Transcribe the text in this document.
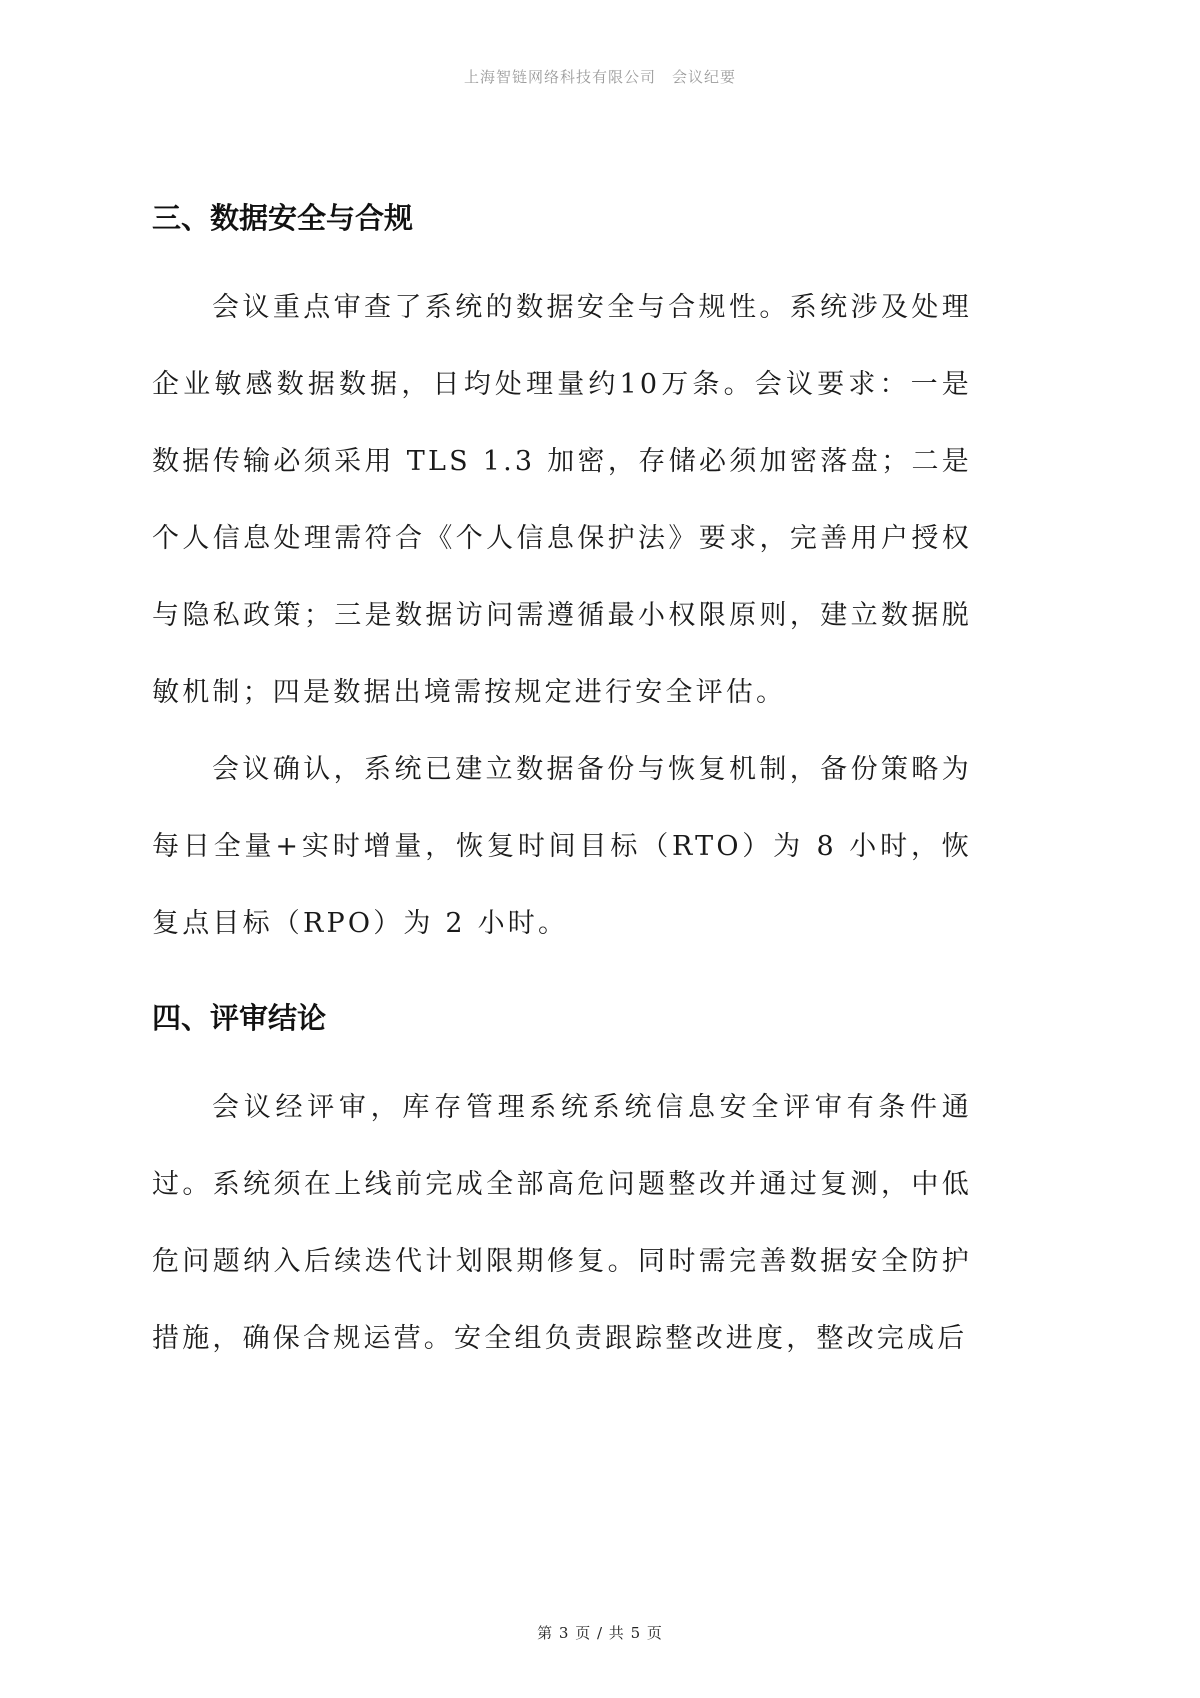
上海智链网络科技有限公司 会议纪要
三、数据安全与合规

会议重点审查了系统的数据安全与合规性。系统涉及处理企业敏感数据数据，日均处理量约10万条。会议要求：一是数据传输必须采用 TLS 1.3 加密，存储必须加密落盘；二是个人信息处理需符合《个人信息保护法》要求，完善用户授权与隐私政策；三是数据访问需遵循最小权限原则，建立数据脱敏机制；四是数据出境需按规定进行安全评估。

会议确认，系统已建立数据备份与恢复机制，备份策略为每日全量+实时增量，恢复时间目标（RTO）为 8 小时，恢复点目标（RPO）为 2 小时。

四、评审结论

会议经评审，库存管理系统系统信息安全评审有条件通过。系统须在上线前完成全部高危问题整改并通过复测，中低危问题纳入后续迭代计划限期修复。同时需完善数据安全防护措施，确保合规运营。安全组负责跟踪整改进度，整改完成后

第 3 页 / 共 5 页
